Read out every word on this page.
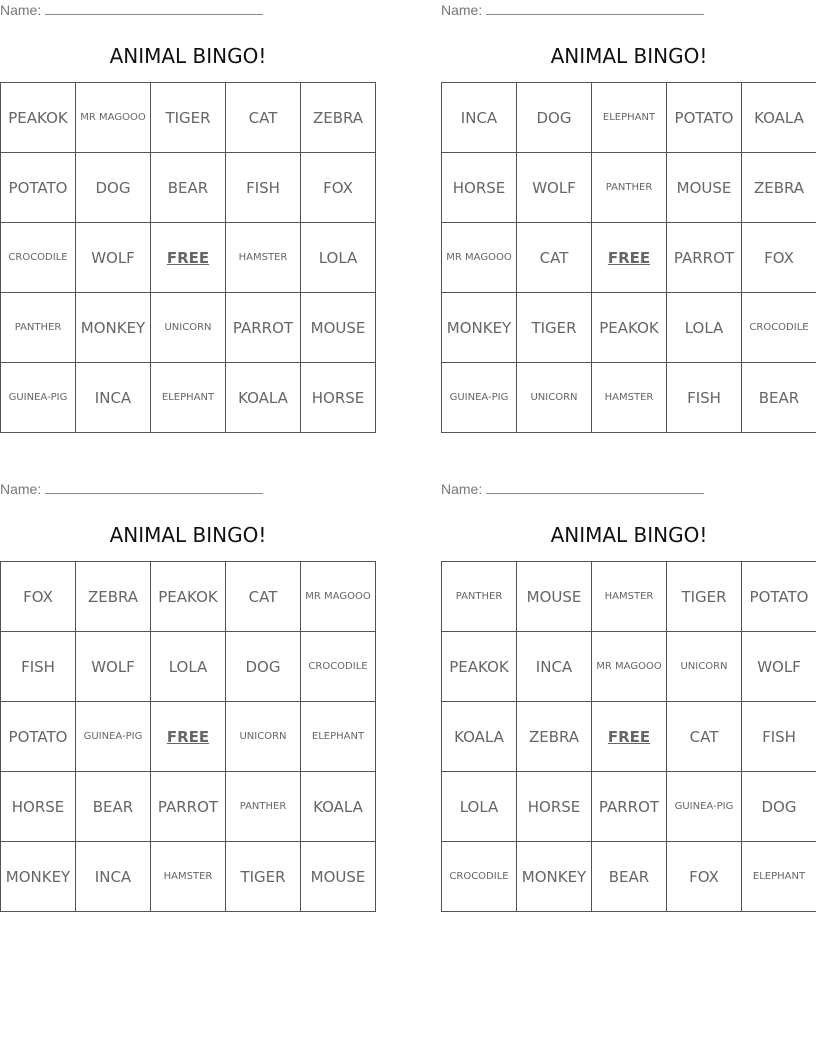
Name:
ANIMAL BINGO!
PEAKOK	MR MAGOOO	TIGER	CAT	ZEBRA
POTATO	DOG	BEAR	FISH	FOX
CROCODILE	WOLF	FREE	HAMSTER	LOLA
PANTHER	MONKEY	UNICORN	PARROT	MOUSE
GUINEA-PIG	INCA	ELEPHANT	KOALA	HORSE
Name:
ANIMAL BINGO!
INCA	DOG	ELEPHANT	POTATO	KOALA
HORSE	WOLF	PANTHER	MOUSE	ZEBRA
MR MAGOOO	CAT	FREE	PARROT	FOX
MONKEY	TIGER	PEAKOK	LOLA	CROCODILE
GUINEA-PIG	UNICORN	HAMSTER	FISH	BEAR
Name:
ANIMAL BINGO!
FOX	ZEBRA	PEAKOK	CAT	MR MAGOOO
FISH	WOLF	LOLA	DOG	CROCODILE
POTATO	GUINEA-PIG	FREE	UNICORN	ELEPHANT
HORSE	BEAR	PARROT	PANTHER	KOALA
MONKEY	INCA	HAMSTER	TIGER	MOUSE
Name:
ANIMAL BINGO!
PANTHER	MOUSE	HAMSTER	TIGER	POTATO
PEAKOK	INCA	MR MAGOOO	UNICORN	WOLF
KOALA	ZEBRA	FREE	CAT	FISH
LOLA	HORSE	PARROT	GUINEA-PIG	DOG
CROCODILE	MONKEY	BEAR	FOX	ELEPHANT
